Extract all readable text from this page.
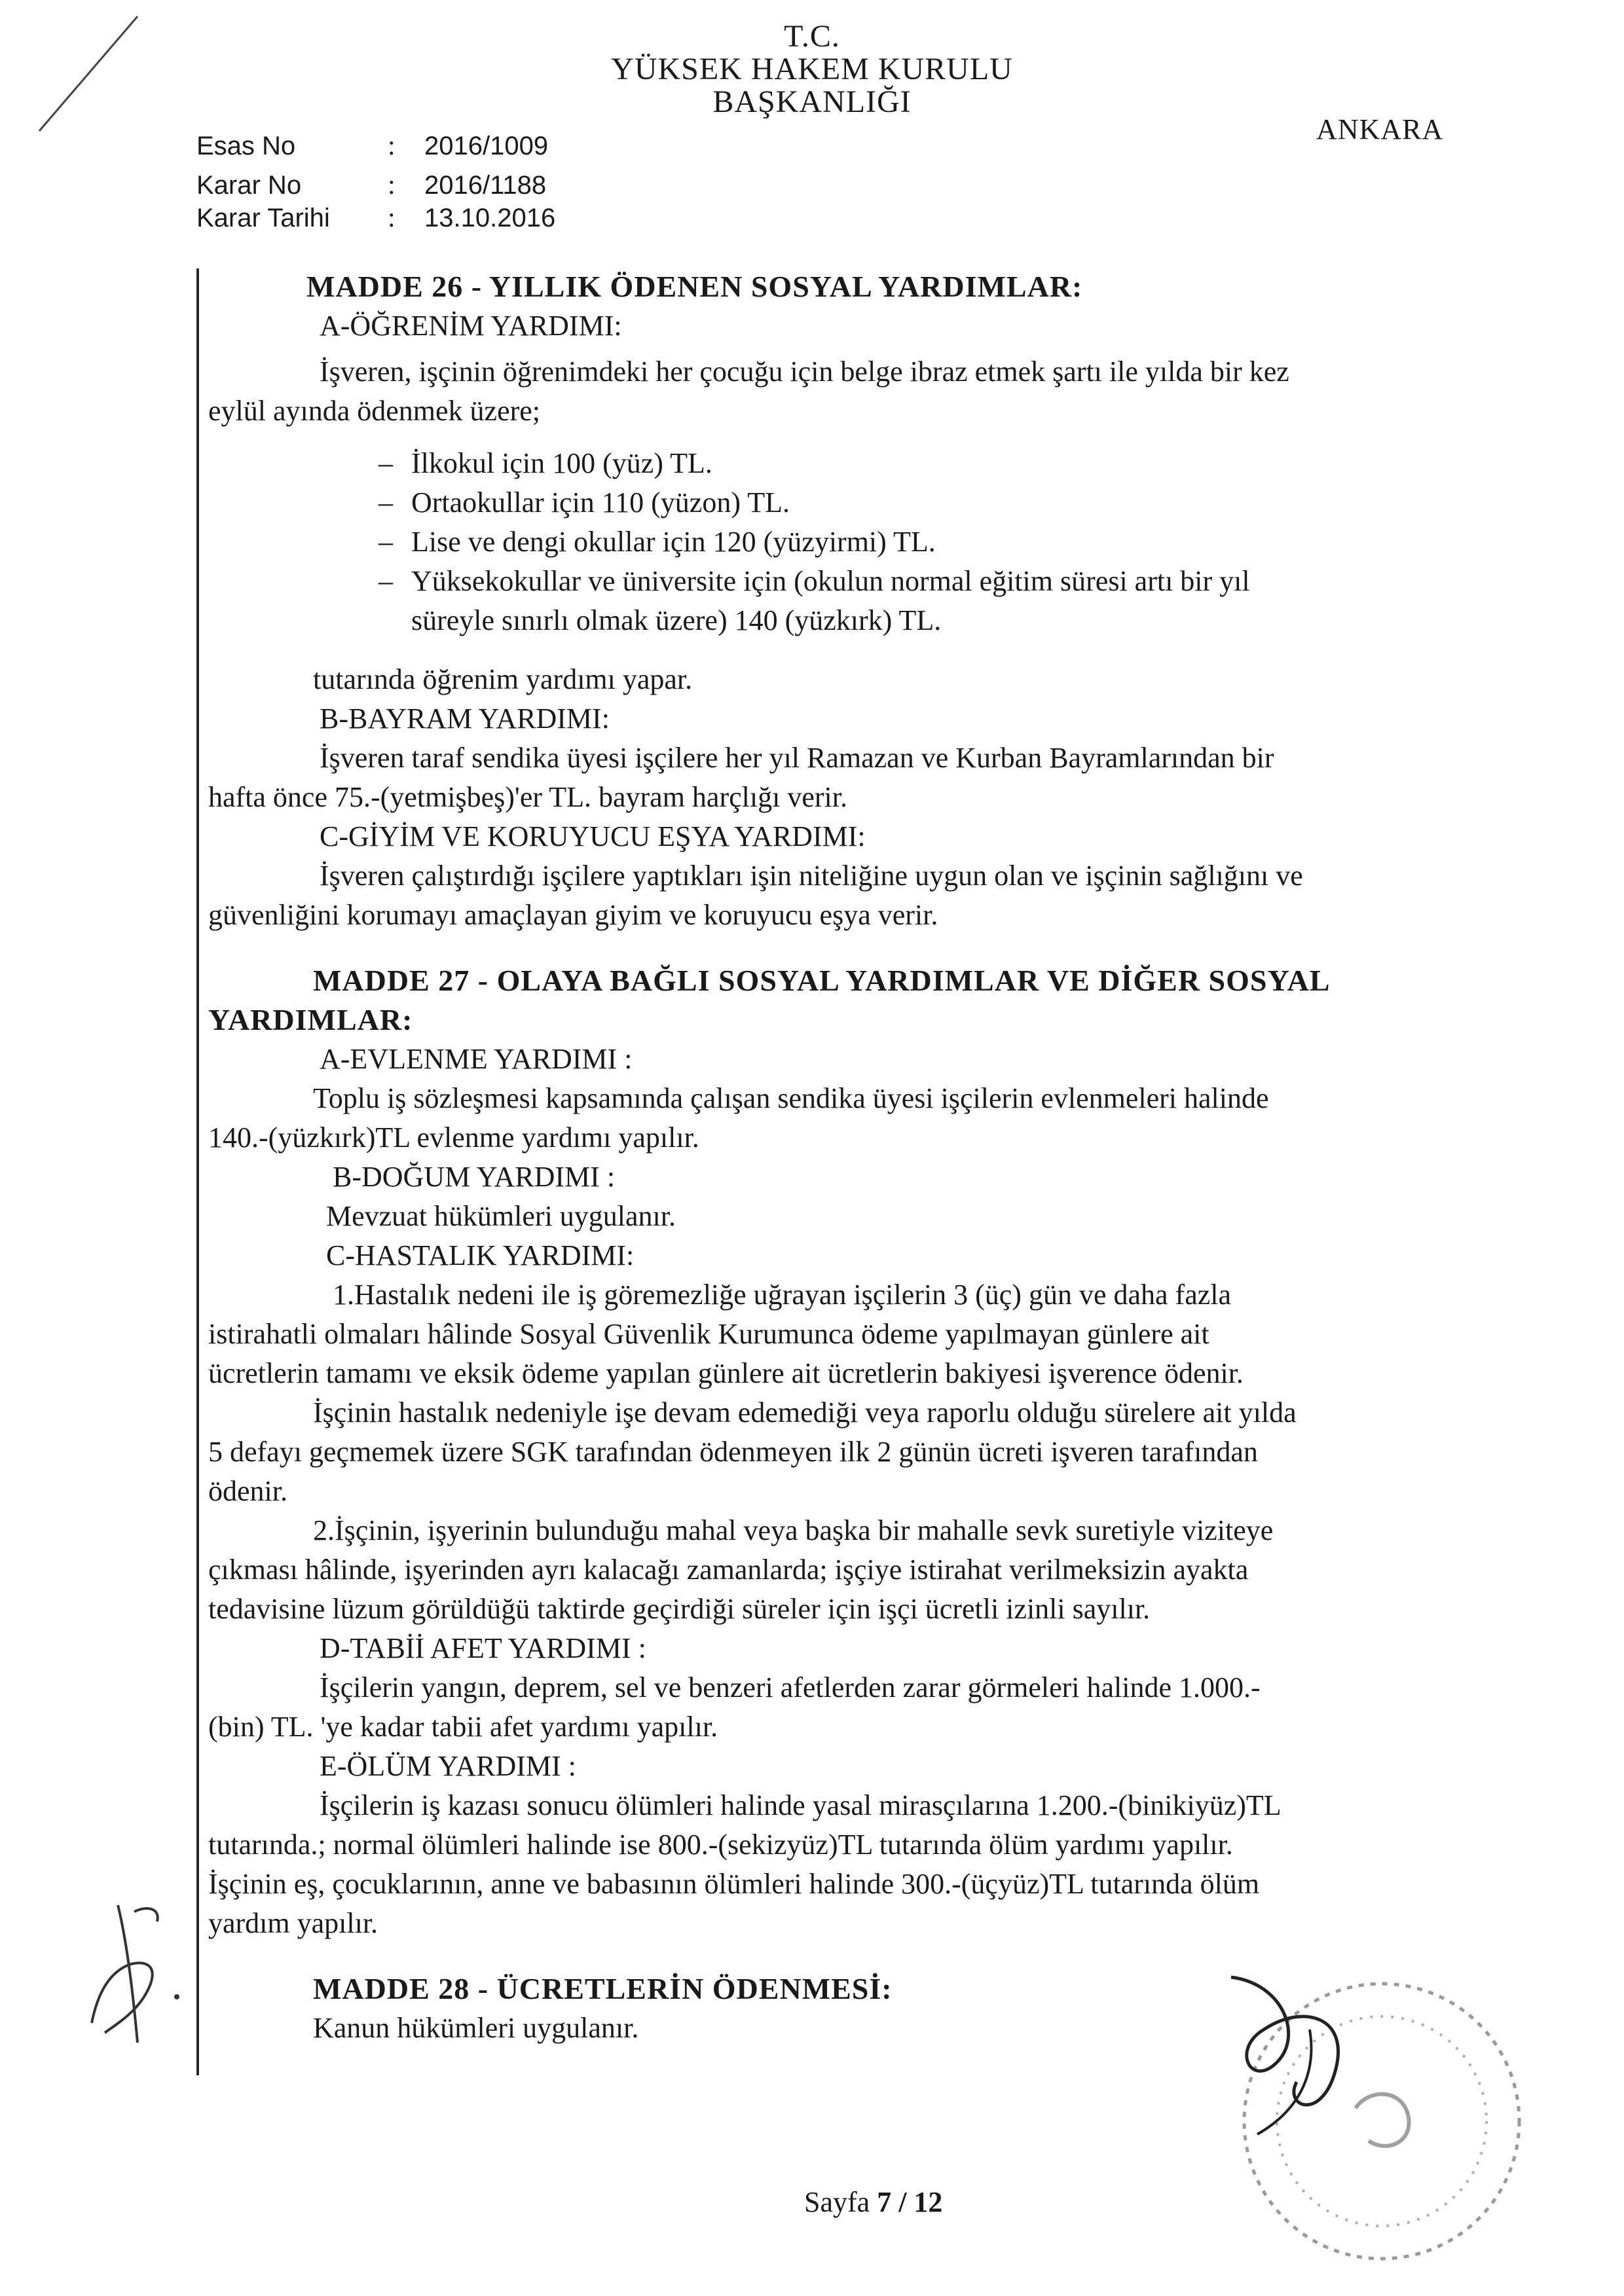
T.C.
YÜKSEK HAKEM KURULU
BAŞKANLIĞI
ANKARA
Esas No	: 2016/1009
Karar No	: 2016/1188
Karar Tarihi : 13.10.2016
MADDE 26 - YILLIK ÖDENEN SOSYAL YARDIMLAR:
A-ÖĞRENİM YARDIMI:
İşveren, işçinin öğrenimdeki her çocuğu için belge ibraz etmek şartı ile yılda bir kez
eylül ayında ödenmek üzere;
– İlkokul için 100 (yüz) TL.
– Ortaokullar için 110 (yüzon) TL.
– Lise ve dengi okullar için 120 (yüzyirmi) TL.
– Yüksekokullar ve üniversite için (okulun normal eğitim süresi artı bir yıl
süreyle sınırlı olmak üzere) 140 (yüzkırk) TL.
tutarında öğrenim yardımı yapar.
B-BAYRAM YARDIMI:
İşveren taraf sendika üyesi işçilere her yıl Ramazan ve Kurban Bayramlarından bir
hafta önce 75.-(yetmişbeş)'er TL. bayram harçlığı verir.
C-GİYİM VE KORUYUCU EŞYA YARDIMI:
İşveren çalıştırdığı işçilere yaptıkları işin niteliğine uygun olan ve işçinin sağlığını ve
güvenliğini korumayı amaçlayan giyim ve koruyucu eşya verir.
MADDE 27 - OLAYA BAĞLI SOSYAL YARDIMLAR VE DİĞER SOSYAL
YARDIMLAR:
A-EVLENME YARDIMI :
Toplu iş sözleşmesi kapsamında çalışan sendika üyesi işçilerin evlenmeleri halinde
140.-(yüzkırk)TL evlenme yardımı yapılır.
B-DOĞUM YARDIMI :
Mevzuat hükümleri uygulanır.
C-HASTALIK YARDIMI:
1.Hastalık nedeni ile iş göremezliğe uğrayan işçilerin 3 (üç) gün ve daha fazla
istirahatli olmaları hâlinde Sosyal Güvenlik Kurumunca ödeme yapılmayan günlere ait
ücretlerin tamamı ve eksik ödeme yapılan günlere ait ücretlerin bakiyesi işverence ödenir.
İşçinin hastalık nedeniyle işe devam edemediği veya raporlu olduğu sürelere ait yılda
5 defayı geçmemek üzere SGK tarafından ödenmeyen ilk 2 günün ücreti işveren tarafından
ödenir.
2.İşçinin, işyerinin bulunduğu mahal veya başka bir mahalle sevk suretiyle viziteye
çıkması hâlinde, işyerinden ayrı kalacağı zamanlarda; işçiye istirahat verilmeksizin ayakta
tedavisine lüzum görüldüğü taktirde geçirdiği süreler için işçi ücretli izinli sayılır.
D-TABİİ AFET YARDIMI :
İşçilerin yangın, deprem, sel ve benzeri afetlerden zarar görmeleri halinde 1.000.-
(bin) TL. 'ye kadar tabii afet yardımı yapılır.
E-ÖLÜM YARDIMI :
İşçilerin iş kazası sonucu ölümleri halinde yasal mirasçılarına 1.200.-(binikiyüz)TL
tutarında.; normal ölümleri halinde ise 800.-(sekizyüz)TL tutarında ölüm yardımı yapılır.
İşçinin eş, çocuklarının, anne ve babasının ölümleri halinde 300.-(üçyüz)TL tutarında ölüm
yardım yapılır.
MADDE 28 - ÜCRETLERİN ÖDENMESİ:
Kanun hükümleri uygulanır.
Sayfa 7 / 12
